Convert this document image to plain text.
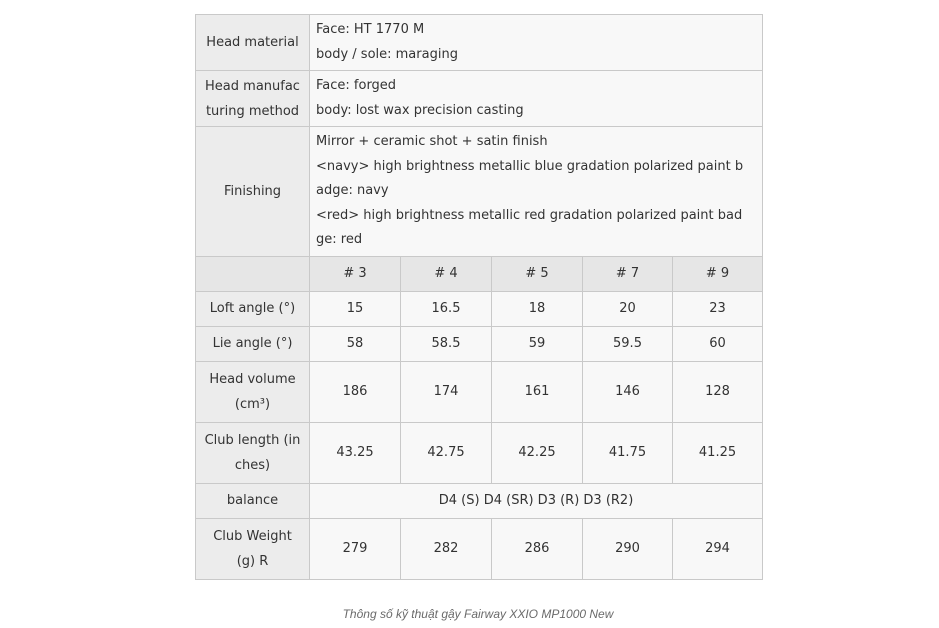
Head material	Face: HT 1770 M
body / sole: maraging				

Head manufac
turing method	Face: forged
body: lost wax precision casting				

Finishing	Mirror + ceramic shot + satin finish
<navy> high brightness metallic blue gradation polarized paint b
adge: navy
<red> high brightness metallic red gradation polarized paint bad
ge: red				

	# 3	# 4	# 5	# 7	# 9
Loft angle (°)	15	16.5	18	20	23
Lie angle (°)	58	58.5	59	59.5	60

Head volume
(cm³)	186	174	161	146	128

Club length (in
ches)	43.25	42.75	42.25	41.75	41.25
balance	D4 (S) D4 (SR) D3 (R) D3 (R2)				

Club Weight
(g) R	279	282	286	290	294
Thông số kỹ thuật gậy Fairway XXIO MP1000 New
